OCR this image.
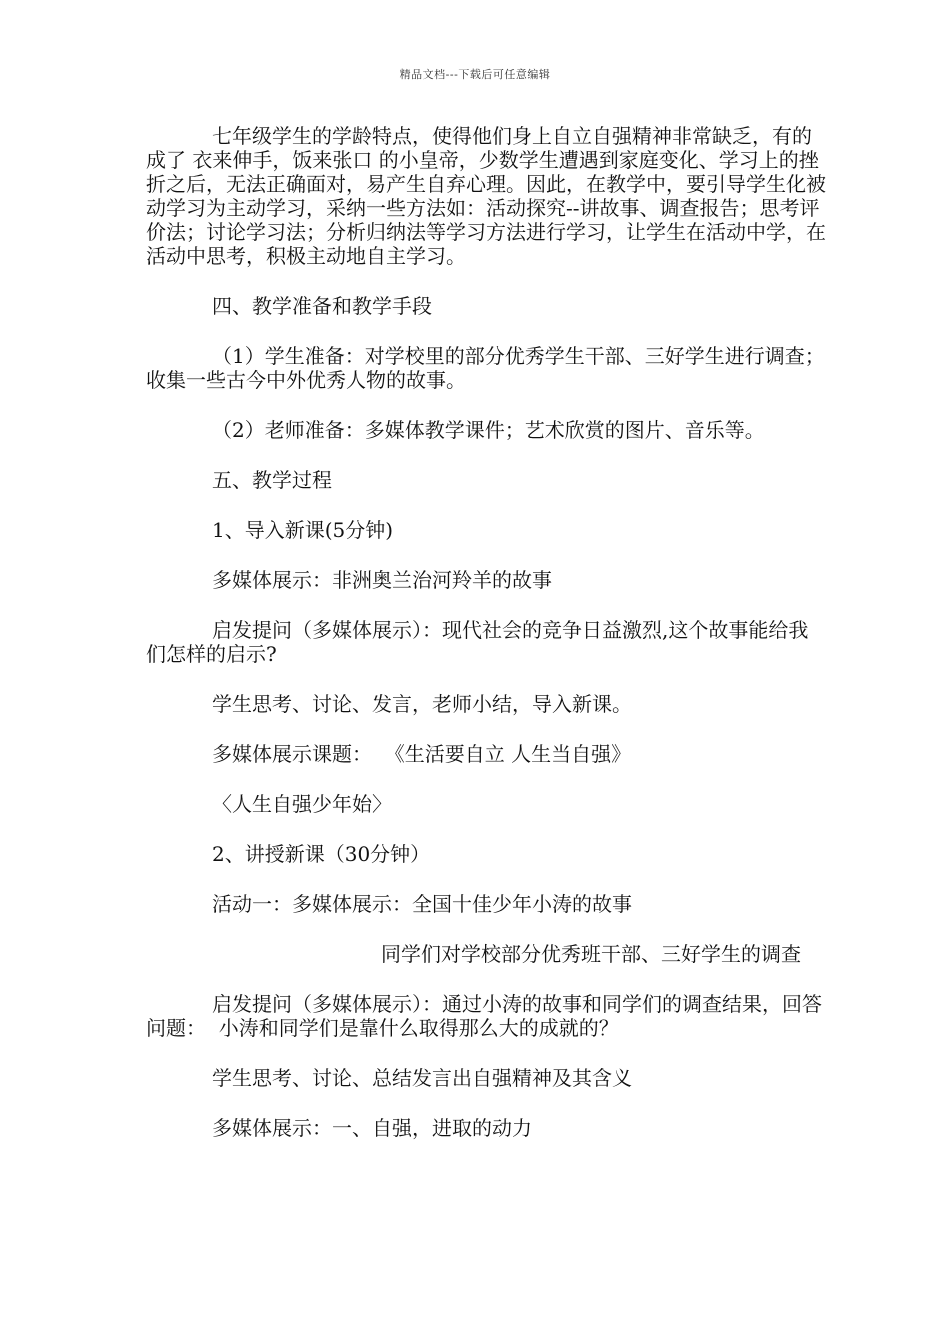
精品文档---下载后可任意编辑

七年级学生的学龄特点，使得他们身上自立自强精神非常缺乏，有的成了 衣来伸手，饭来张口 的小皇帝，少数学生遭遇到家庭变化、学习上的挫折之后，无法正确面对，易产生自弃心理。因此，在教学中，要引导学生化被动学习为主动学习，采纳一些方法如：活动探究--讲故事、调查报告；思考评价法；讨论学习法；分析归纳法等学习方法进行学习，让学生在活动中学，在活动中思考，积极主动地自主学习。

四、教学准备和教学手段

（1）学生准备：对学校里的部分优秀学生干部、三好学生进行调查；收集一些古今中外优秀人物的故事。

（2）老师准备：多媒体教学课件；艺术欣赏的图片、音乐等。

五、教学过程

1、导入新课(5分钟)

多媒体展示：非洲奥兰治河羚羊的故事

启发提问（多媒体展示）：现代社会的竞争日益激烈,这个故事能给我们怎样的启示?

学生思考、讨论、发言，老师小结，导入新课。

多媒体展示课题：  《生活要自立 人生当自强》

〈人生自强少年始〉

2、讲授新课（30分钟）

活动一：多媒体展示：全国十佳少年小涛的故事

同学们对学校部分优秀班干部、三好学生的调查

启发提问（多媒体展示）：通过小涛的故事和同学们的调查结果，回答问题：  小涛和同学们是靠什么取得那么大的成就的？

学生思考、讨论、总结发言出自强精神及其含义

多媒体展示：一、自强，进取的动力
